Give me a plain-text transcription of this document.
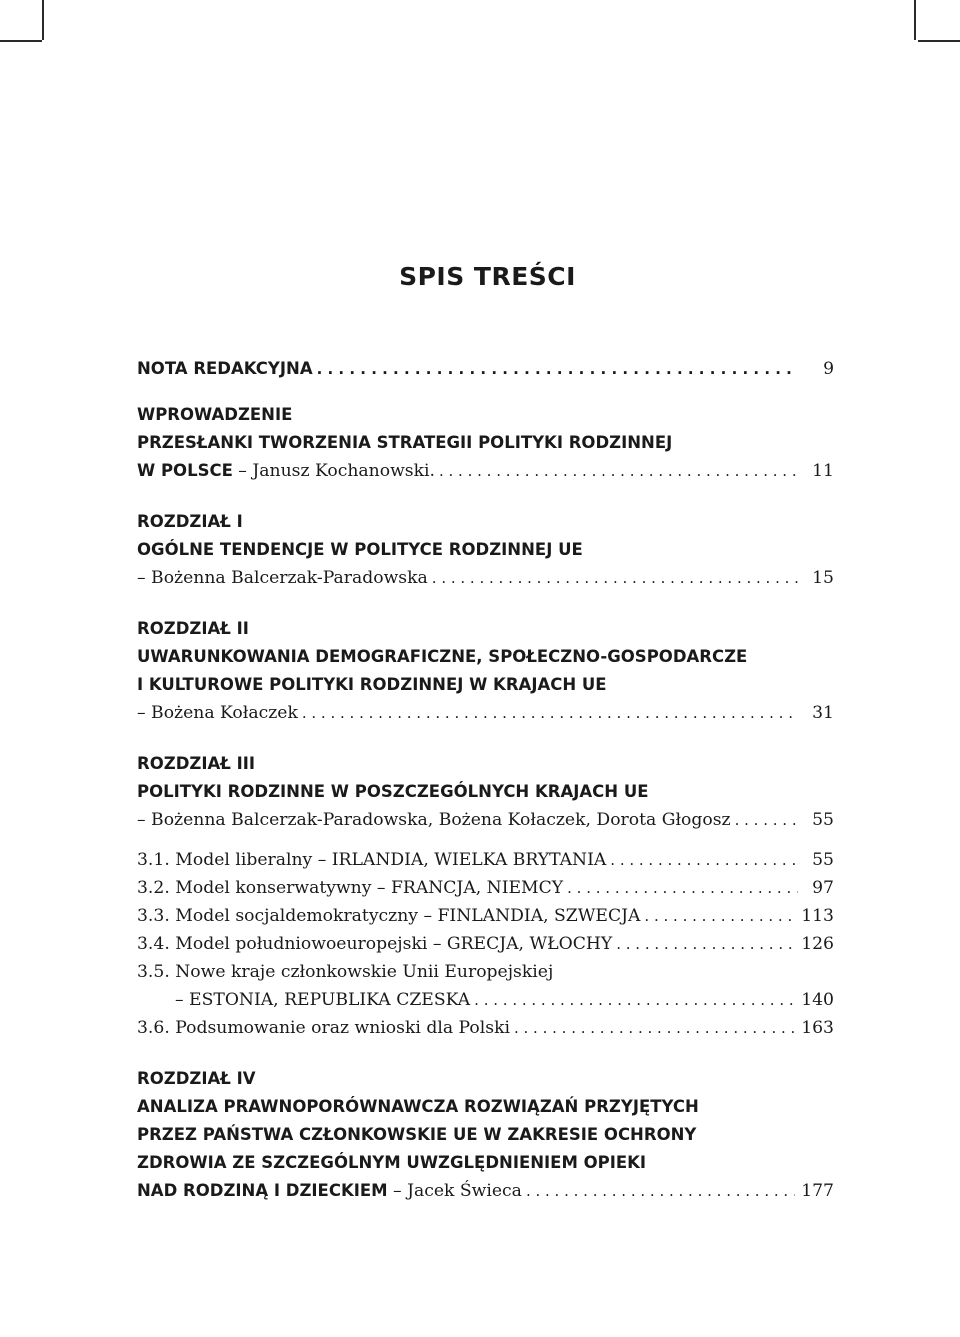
SPIS TREŚCI
NOTA REDAKCYJNA . . .	9
WPROWADZENIE
PRZESŁANKI TWORZENIA STRATEGII POLITYKI RODZINNEJ
W POLSCE – Janusz Kochanowski. . . .	11
ROZDZIAŁ I
OGÓLNE TENDENCJE W POLITYCE RODZINNEJ UE
– Bożenna Balcerzak-Paradowska . . .	15
ROZDZIAŁ II
UWARUNKOWANIA DEMOGRAFICZNE, SPOŁECZNO-GOSPODARCZE
I KULTUROWE POLITYKI RODZINNEJ W KRAJACH UE
– Bożena Kołaczek . . .	31
ROZDZIAŁ III
POLITYKI RODZINNE W POSZCZEGÓLNYCH KRAJACH UE
– Bożenna Balcerzak-Paradowska, Bożena Kołaczek, Dorota Głogosz . . .	55
3.1. Model liberalny – IRLANDIA, WIELKA BRYTANIA . . .	55
3.2. Model konserwatywny – FRANCJA, NIEMCY . . .	97
3.3. Model socjaldemokratyczny – FINLANDIA, SZWECJA . . .	113
3.4. Model południowoeuropejski – GRECJA, WŁOCHY . . .	126
3.5. Nowe kraje członkowskie Unii Europejskiej
– ESTONIA, REPUBLIKA CZESKA . . .	140
3.6. Podsumowanie oraz wnioski dla Polski . . .	163
ROZDZIAŁ IV
ANALIZA PRAWNOPORÓWNAWCZA ROZWIĄZAŃ PRZYJĘTYCH
PRZEZ PAŃSTWA CZŁONKOWSKIE UE W ZAKRESIE OCHRONY
ZDROWIA ZE SZCZEGÓLNYM UWZGLĘDNIENIEM OPIEKI
NAD RODZINĄ I DZIECKIEM – Jacek Świeca . . .	177
